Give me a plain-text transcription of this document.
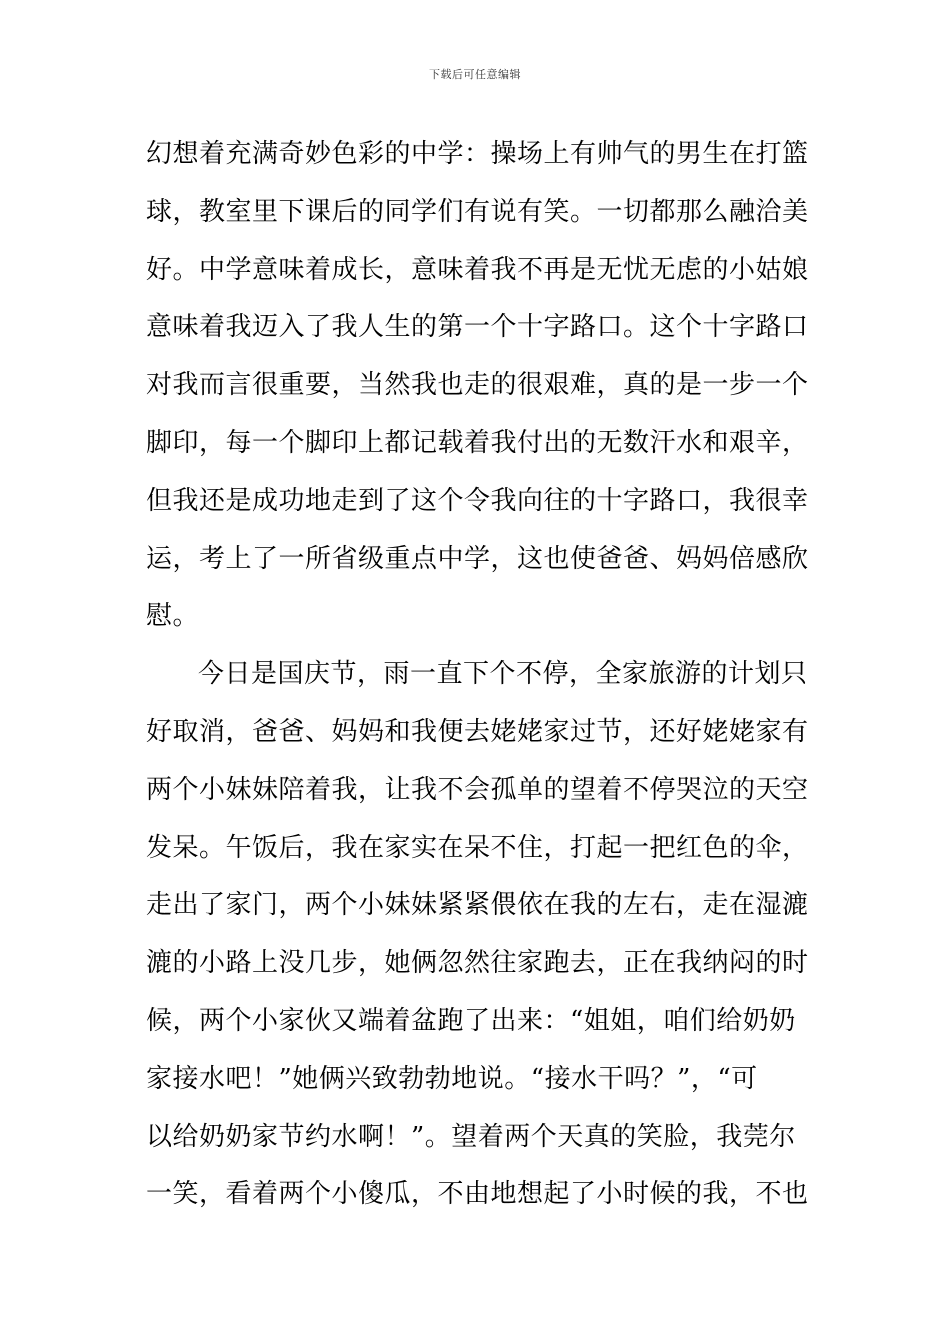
下载后可任意编辑
幻想着充满奇妙色彩的中学：操场上有帅气的男生在打篮
球，教室里下课后的同学们有说有笑。一切都那么融洽美
好。中学意味着成长，意味着我不再是无忧无虑的小姑娘
意味着我迈入了我人生的第一个十字路口。这个十字路口
对我而言很重要，当然我也走的很艰难，真的是一步一个
脚印，每一个脚印上都记载着我付出的无数汗水和艰辛，
但我还是成功地走到了这个令我向往的十字路口，我很幸
运，考上了一所省级重点中学，这也使爸爸、妈妈倍感欣
慰。
今日是国庆节，雨一直下个不停，全家旅游的计划只
好取消，爸爸、妈妈和我便去姥姥家过节，还好姥姥家有
两个小妹妹陪着我，让我不会孤单的望着不停哭泣的天空
发呆。午饭后，我在家实在呆不住，打起一把红色的伞，
走出了家门，两个小妹妹紧紧偎依在我的左右，走在湿漉
漉的小路上没几步，她俩忽然往家跑去，正在我纳闷的时
候，两个小家伙又端着盆跑了出来：“姐姐，咱们给奶奶
家接水吧！”她俩兴致勃勃地说。“接水干吗？”，“可
以给奶奶家节约水啊！”。望着两个天真的笑脸，我莞尔
一笑，看着两个小傻瓜，不由地想起了小时候的我，不也
